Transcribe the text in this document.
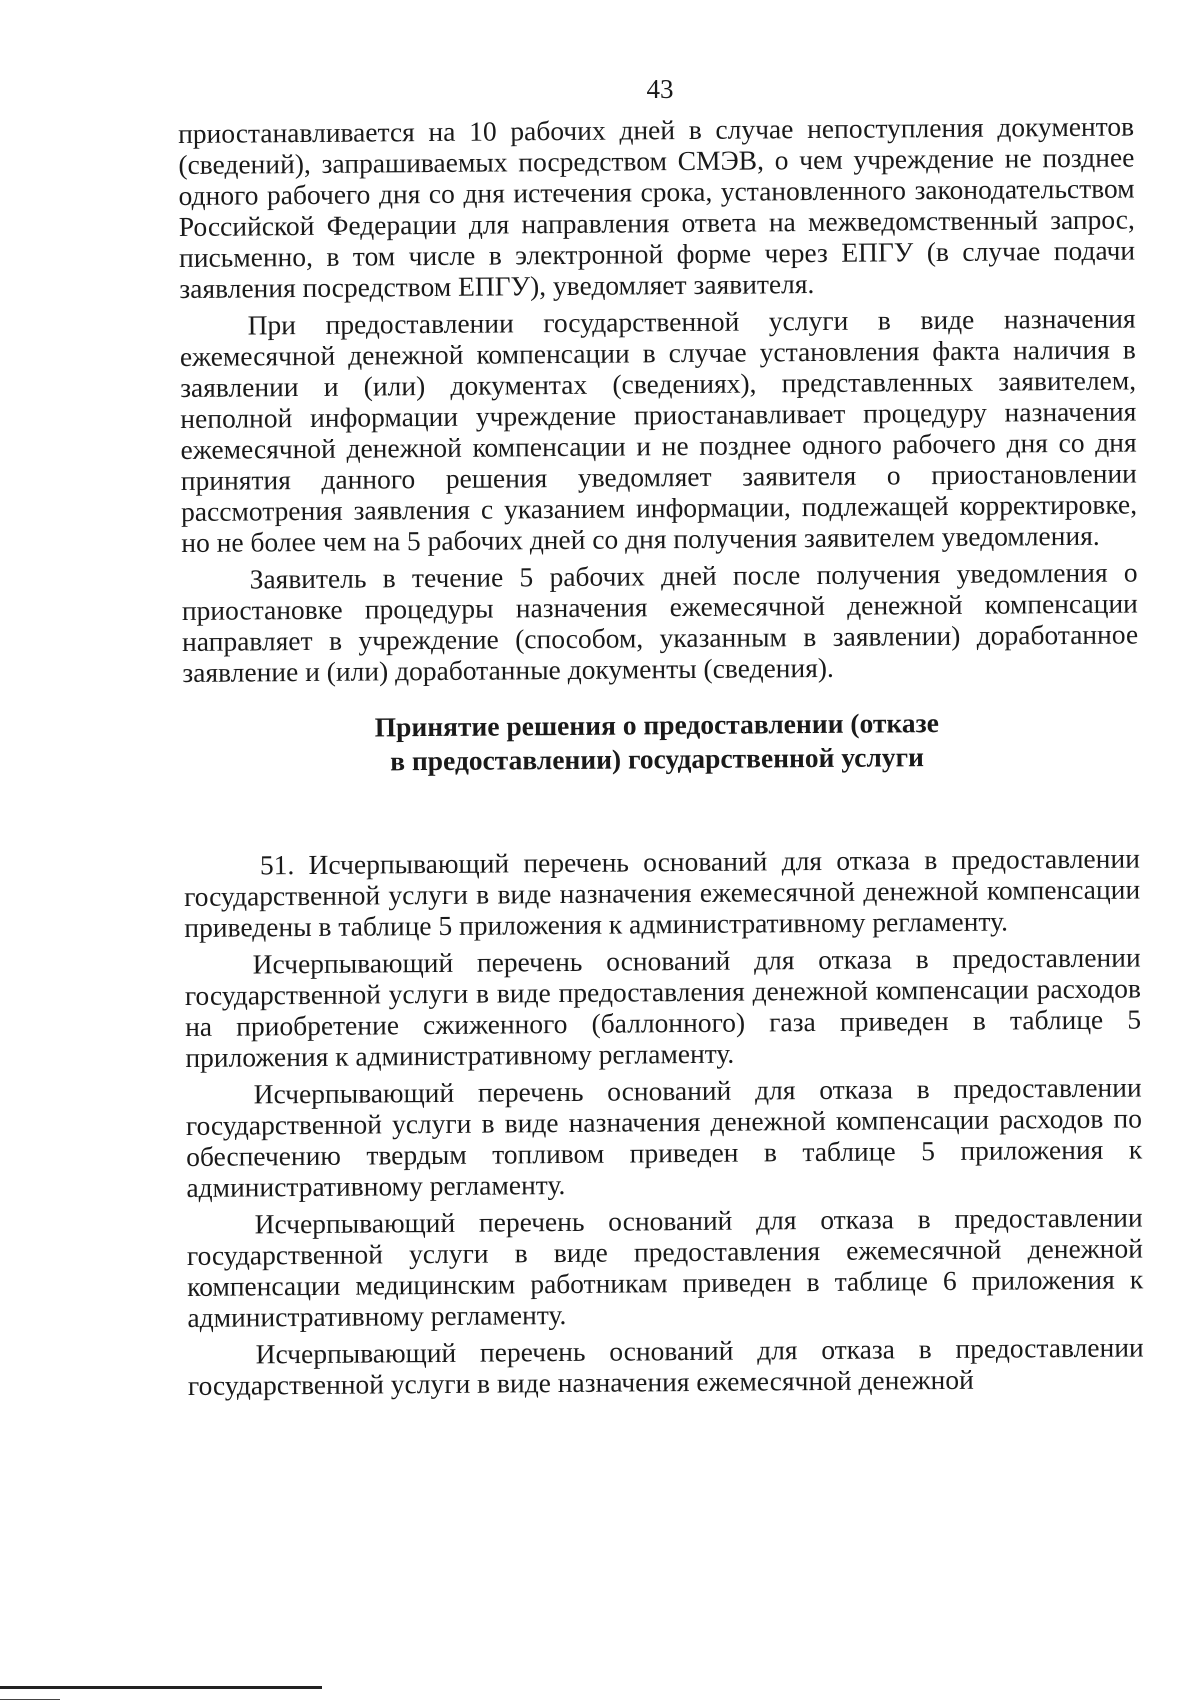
43

приостанавливается на 10 рабочих дней в случае непоступления документов (сведений), запрашиваемых посредством СМЭВ, о чем учреждение не позднее одного рабочего дня со дня истечения срока, установленного законодательством Российской Федерации для направления ответа на межведомственный запрос, письменно, в том числе в электронной форме через ЕПГУ (в случае подачи заявления посредством ЕПГУ), уведомляет заявителя.

При предоставлении государственной услуги в виде назначения ежемесячной денежной компенсации в случае установления факта наличия в заявлении и (или) документах (сведениях), представленных заявителем, неполной информации учреждение приостанавливает процедуру назначения ежемесячной денежной компенсации и не позднее одного рабочего дня со дня принятия данного решения уведомляет заявителя о приостановлении рассмотрения заявления с указанием информации, подлежащей корректировке, но не более чем на 5 рабочих дней со дня получения заявителем уведомления.

Заявитель в течение 5 рабочих дней после получения уведомления о приостановке процедуры назначения ежемесячной денежной компенсации направляет в учреждение (способом, указанным в заявлении) доработанное заявление и (или) доработанные документы (сведения).

Принятие решения о предоставлении (отказе
в предоставлении) государственной услуги

51. Исчерпывающий перечень оснований для отказа в предоставлении государственной услуги в виде назначения ежемесячной денежной компенсации приведены в таблице 5 приложения к административному регламенту.

Исчерпывающий перечень оснований для отказа в предоставлении государственной услуги в виде предоставления денежной компенсации расходов на приобретение сжиженного (баллонного) газа приведен в таблице 5 приложения к административному регламенту.

Исчерпывающий перечень оснований для отказа в предоставлении государственной услуги в виде назначения денежной компенсации расходов по обеспечению твердым топливом приведен в таблице 5 приложения к административному регламенту.

Исчерпывающий перечень оснований для отказа в предоставлении государственной услуги в виде предоставления ежемесячной денежной компенсации медицинским работникам приведен в таблице 6 приложения к административному регламенту.

Исчерпывающий перечень оснований для отказа в предоставлении государственной услуги в виде назначения ежемесячной денежной
